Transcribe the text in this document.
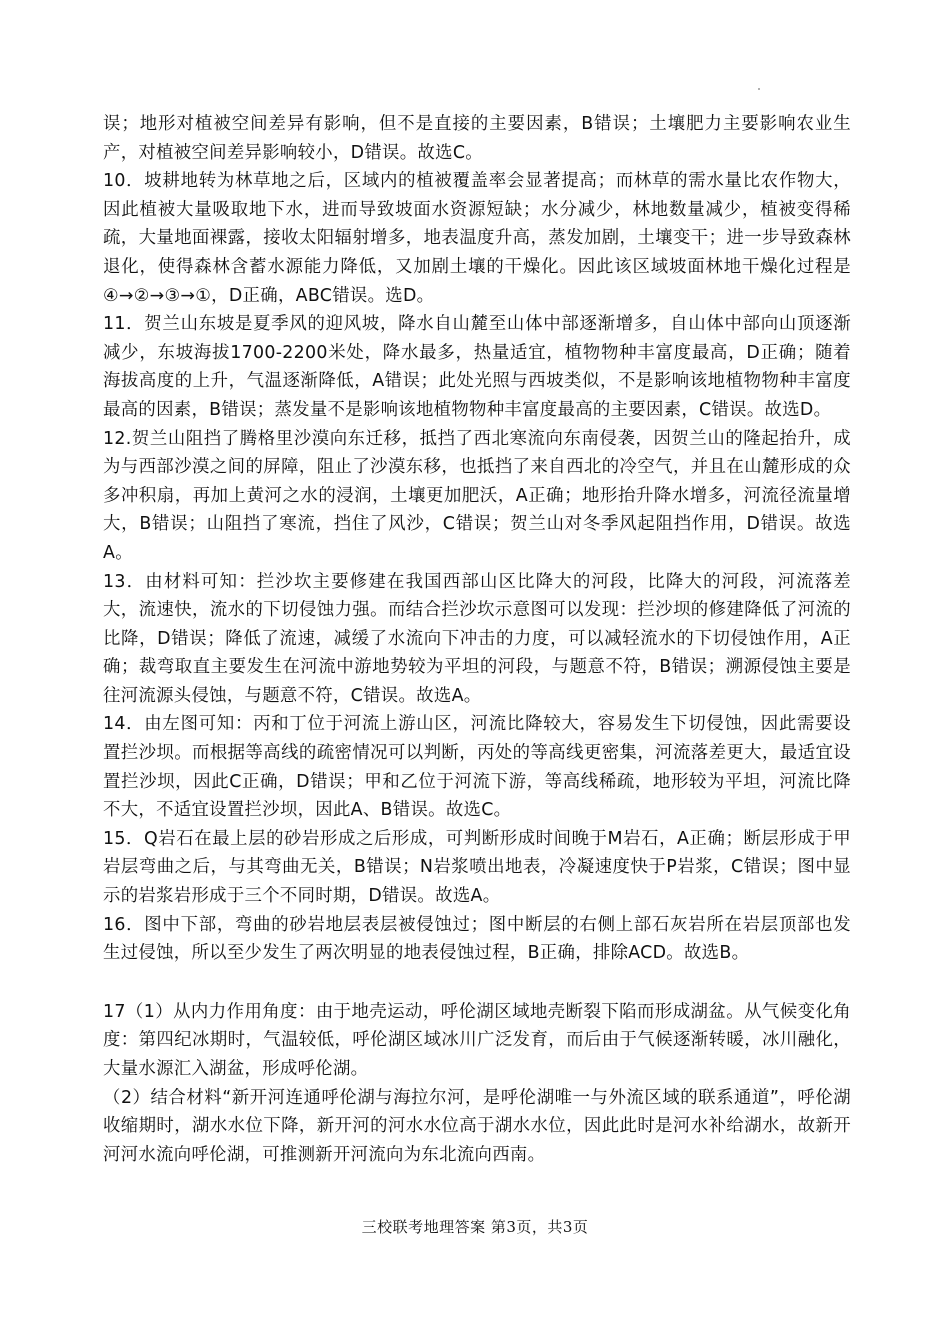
误；地形对植被空间差异有影响，但不是直接的主要因素，B错误；土壤肥力主要影响农业生产，对植被空间差异影响较小，D错误。故选C。

10．坡耕地转为林草地之后，区域内的植被覆盖率会显著提高；而林草的需水量比农作物大，因此植被大量吸取地下水，进而导致坡面水资源短缺；水分减少，林地数量减少，植被变得稀疏，大量地面裸露，接收太阳辐射增多，地表温度升高，蒸发加剧，土壤变干；进一步导致森林退化，使得森林含蓄水源能力降低，又加剧土壤的干燥化。因此该区域坡面林地干燥化过程是④→②→③→①，D正确，ABC错误。选D。

11．贺兰山东坡是夏季风的迎风坡，降水自山麓至山体中部逐渐增多，自山体中部向山顶逐渐减少，东坡海拔1700-2200米处，降水最多，热量适宜，植物物种丰富度最高，D正确；随着海拔高度的上升，气温逐渐降低，A错误；此处光照与西坡类似，不是影响该地植物物种丰富度最高的因素，B错误；蒸发量不是影响该地植物物种丰富度最高的主要因素，C错误。故选D。

12.贺兰山阻挡了腾格里沙漠向东迁移，抵挡了西北寒流向东南侵袭，因贺兰山的隆起抬升，成为与西部沙漠之间的屏障，阻止了沙漠东移，也抵挡了来自西北的冷空气，并且在山麓形成的众多冲积扇，再加上黄河之水的浸润，土壤更加肥沃，A正确；地形抬升降水增多，河流径流量增大，B错误；山阻挡了寒流，挡住了风沙，C错误；贺兰山对冬季风起阻挡作用，D错误。故选A。

13．由材料可知：拦沙坎主要修建在我国西部山区比降大的河段，比降大的河段，河流落差大，流速快，流水的下切侵蚀力强。而结合拦沙坎示意图可以发现：拦沙坝的修建降低了河流的比降，D错误；降低了流速，减缓了水流向下冲击的力度，可以减轻流水的下切侵蚀作用，A正确；裁弯取直主要发生在河流中游地势较为平坦的河段，与题意不符，B错误；溯源侵蚀主要是往河流源头侵蚀，与题意不符，C错误。故选A。

14．由左图可知：丙和丁位于河流上游山区，河流比降较大，容易发生下切侵蚀，因此需要设置拦沙坝。而根据等高线的疏密情况可以判断，丙处的等高线更密集，河流落差更大，最适宜设置拦沙坝，因此C正确，D错误；甲和乙位于河流下游，等高线稀疏，地形较为平坦，河流比降不大，不适宜设置拦沙坝，因此A、B错误。故选C。

15．Q岩石在最上层的砂岩形成之后形成，可判断形成时间晚于M岩石，A正确；断层形成于甲岩层弯曲之后，与其弯曲无关，B错误；N岩浆喷出地表，冷凝速度快于P岩浆，C错误；图中显示的岩浆岩形成于三个不同时期，D错误。故选A。

16．图中下部，弯曲的砂岩地层表层被侵蚀过；图中断层的右侧上部石灰岩所在岩层顶部也发生过侵蚀，所以至少发生了两次明显的地表侵蚀过程，B正确，排除ACD。故选B。

17（1）从内力作用角度：由于地壳运动，呼伦湖区域地壳断裂下陷而形成湖盆。从气候变化角度：第四纪冰期时，气温较低，呼伦湖区域冰川广泛发育，而后由于气候逐渐转暖，冰川融化，大量水源汇入湖盆，形成呼伦湖。

（2）结合材料“新开河连通呼伦湖与海拉尔河，是呼伦湖唯一与外流区域的联系通道”，呼伦湖收缩期时，湖水水位下降，新开河的河水水位高于湖水水位，因此此时是河水补给湖水，故新开河河水流向呼伦湖，可推测新开河流向为东北流向西南。

三校联考地理答案 第3页，共3页
